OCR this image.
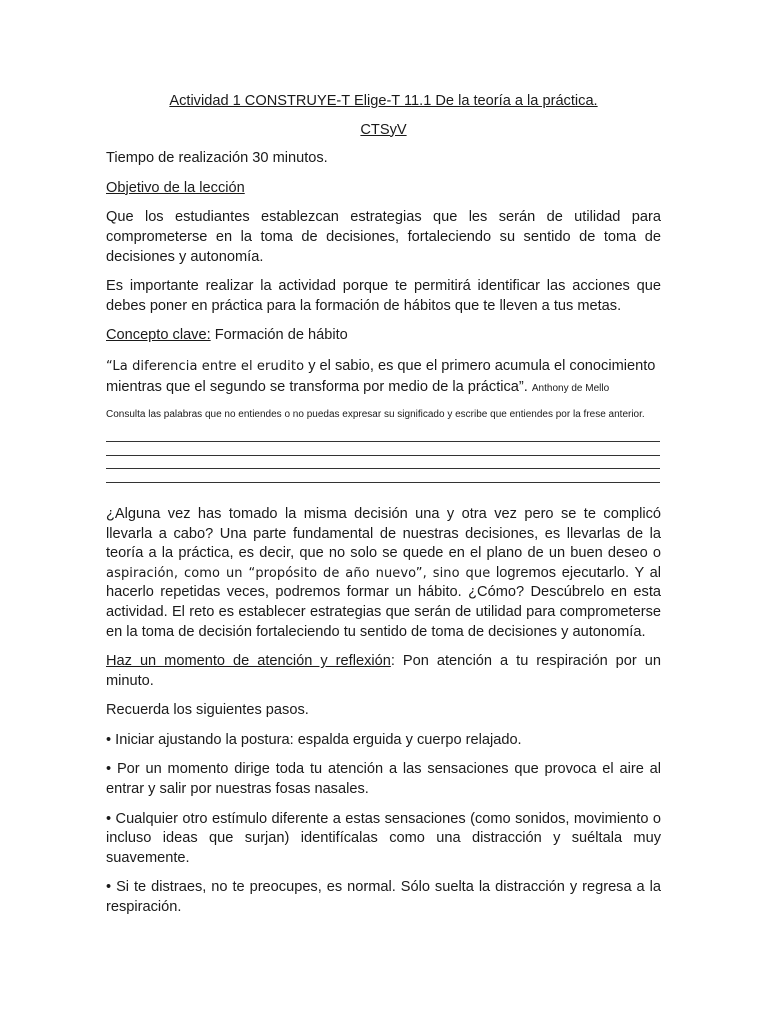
Actividad 1 CONSTRUYE-T Elige-T 11.1 De la teoría a la práctica.
CTSyV
Tiempo de realización 30 minutos.
Objetivo de la lección
Que los estudiantes establezcan estrategias que les serán de utilidad para comprometerse en la toma de decisiones, fortaleciendo su sentido de toma de decisiones y autonomía.
Es importante realizar la actividad porque te permitirá identificar las acciones que debes poner en práctica para la formación de hábitos que te lleven a tus metas.
Concepto clave: Formación de hábito
“La diferencia entre el erudito y el sabio, es que el primero acumula el conocimiento mientras que el segundo se transforma por medio de la práctica”. Anthony de Mello
Consulta las palabras que no entiendes o no puedas expresar su significado y escribe que entiendes por la frese anterior.
¿Alguna vez has tomado la misma decisión una y otra vez pero se te complicó llevarla a cabo? Una parte fundamental de nuestras decisiones, es llevarlas de la teoría a la práctica, es decir, que no solo se quede en el plano de un buen deseo o aspiración, como un “propósito de año nuevo”, sino que logremos ejecutarlo. Y al hacerlo repetidas veces, podremos formar un hábito. ¿Cómo? Descúbrelo en esta actividad. El reto es establecer estrategias que serán de utilidad para comprometerse en la toma de decisión fortaleciendo tu sentido de toma de decisiones y autonomía.
Haz un momento de atención y reflexión: Pon atención a tu respiración por un minuto.
Recuerda los siguientes pasos.
• Iniciar ajustando la postura: espalda erguida y cuerpo relajado.
• Por un momento dirige toda tu atención a las sensaciones que provoca el aire al entrar y salir por nuestras fosas nasales.
• Cualquier otro estímulo diferente a estas sensaciones (como sonidos, movimiento o incluso ideas que surjan) identifícalas como una distracción y suéltala muy suavemente.
• Si te distraes, no te preocupes, es normal. Sólo suelta la distracción y regresa a la respiración.
